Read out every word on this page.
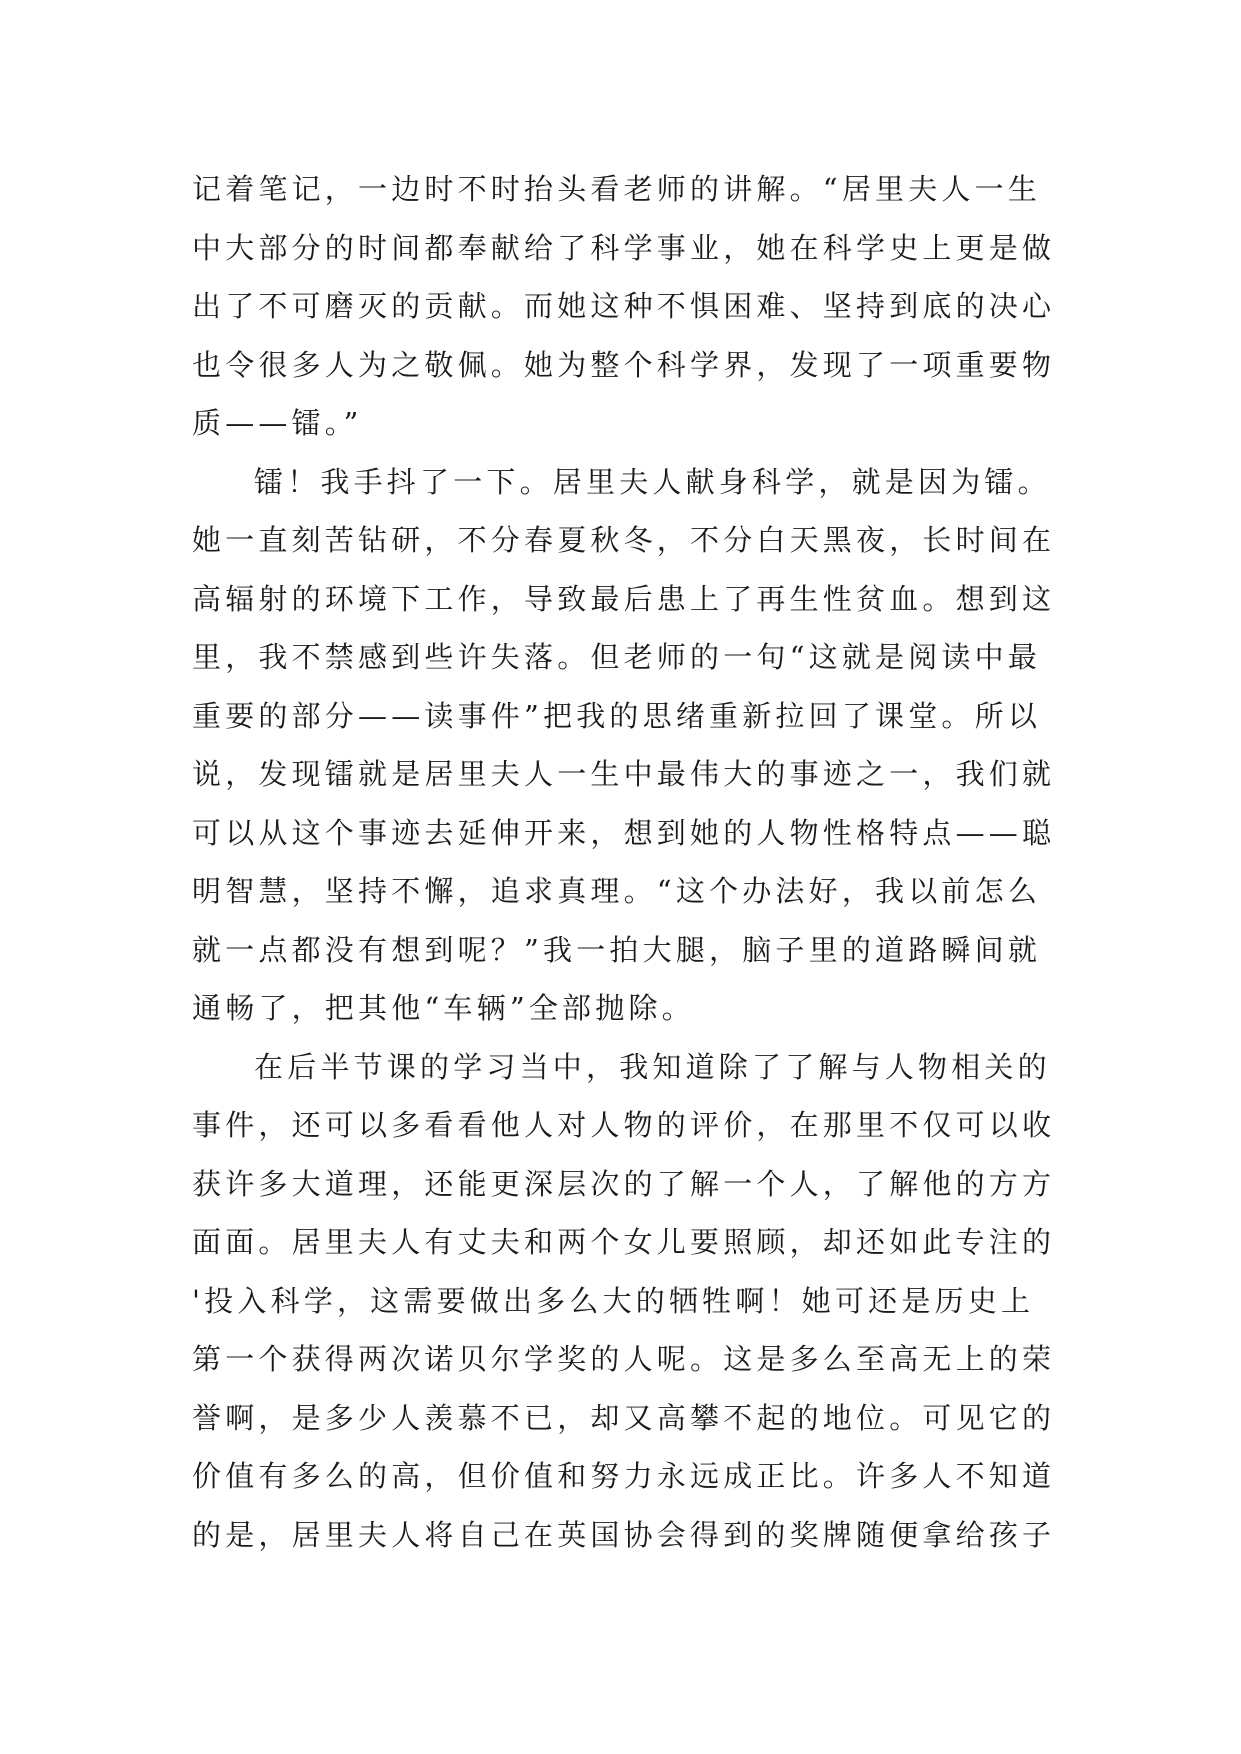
记着笔记，一边时不时抬头看老师的讲解。“居里夫人一生
中大部分的时间都奉献给了科学事业，她在科学史上更是做
出了不可磨灭的贡献。而她这种不惧困难、坚持到底的决心
也令很多人为之敬佩。她为整个科学界，发现了一项重要物
质——镭。”
镭！我手抖了一下。居里夫人献身科学，就是因为镭。
她一直刻苦钻研，不分春夏秋冬，不分白天黑夜，长时间在
高辐射的环境下工作，导致最后患上了再生性贫血。想到这
里，我不禁感到些许失落。但老师的一句“这就是阅读中最
重要的部分——读事件”把我的思绪重新拉回了课堂。所以
说，发现镭就是居里夫人一生中最伟大的事迹之一，我们就
可以从这个事迹去延伸开来，想到她的人物性格特点——聪
明智慧，坚持不懈，追求真理。“这个办法好，我以前怎么
就一点都没有想到呢？”我一拍大腿，脑子里的道路瞬间就
通畅了，把其他“车辆”全部抛除。
在后半节课的学习当中，我知道除了了解与人物相关的
事件，还可以多看看他人对人物的评价，在那里不仅可以收
获许多大道理，还能更深层次的了解一个人，了解他的方方
面面。居里夫人有丈夫和两个女儿要照顾，却还如此专注的
'投入科学，这需要做出多么大的牺牲啊！她可还是历史上
第一个获得两次诺贝尔学奖的人呢。这是多么至高无上的荣
誉啊，是多少人羡慕不已，却又高攀不起的地位。可见它的
价值有多么的高，但价值和努力永远成正比。许多人不知道
的是，居里夫人将自己在英国协会得到的奖牌随便拿给孩子
